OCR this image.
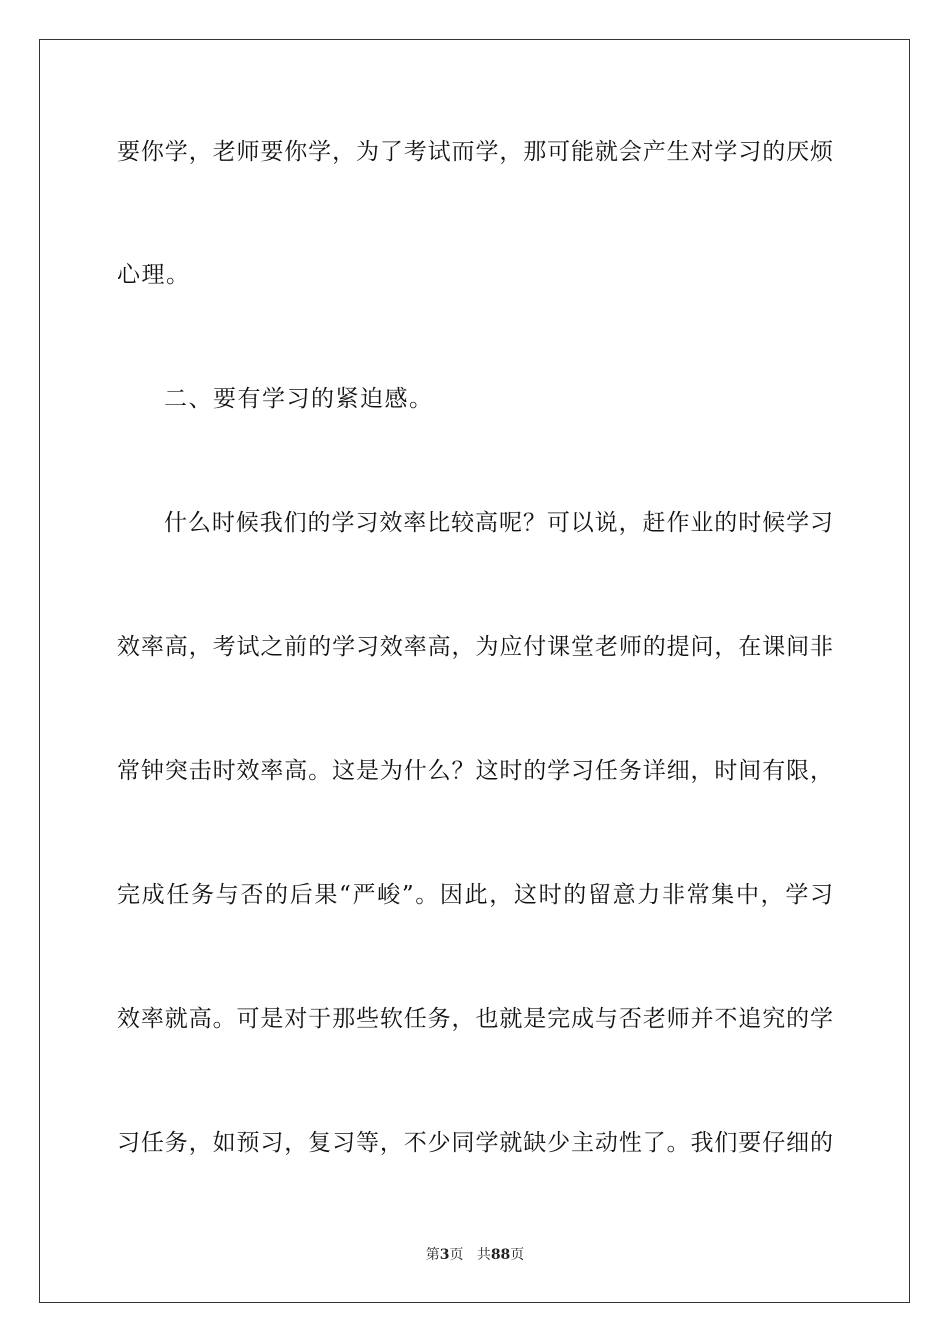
要你学，老师要你学，为了考试而学，那可能就会产生对学习的厌烦
心理。
二、要有学习的紧迫感。
什么时候我们的学习效率比较高呢？可以说，赶作业的时候学习
效率高，考试之前的学习效率高，为应付课堂老师的提问，在课间非
常钟突击时效率高。这是为什么？这时的学习任务详细，时间有限，
完成任务与否的后果“严峻”。因此，这时的留意力非常集中，学习
效率就高。可是对于那些软任务，也就是完成与否老师并不追究的学
习任务，如预习，复习等，不少同学就缺少主动性了。我们要仔细的
第3页 共88页
